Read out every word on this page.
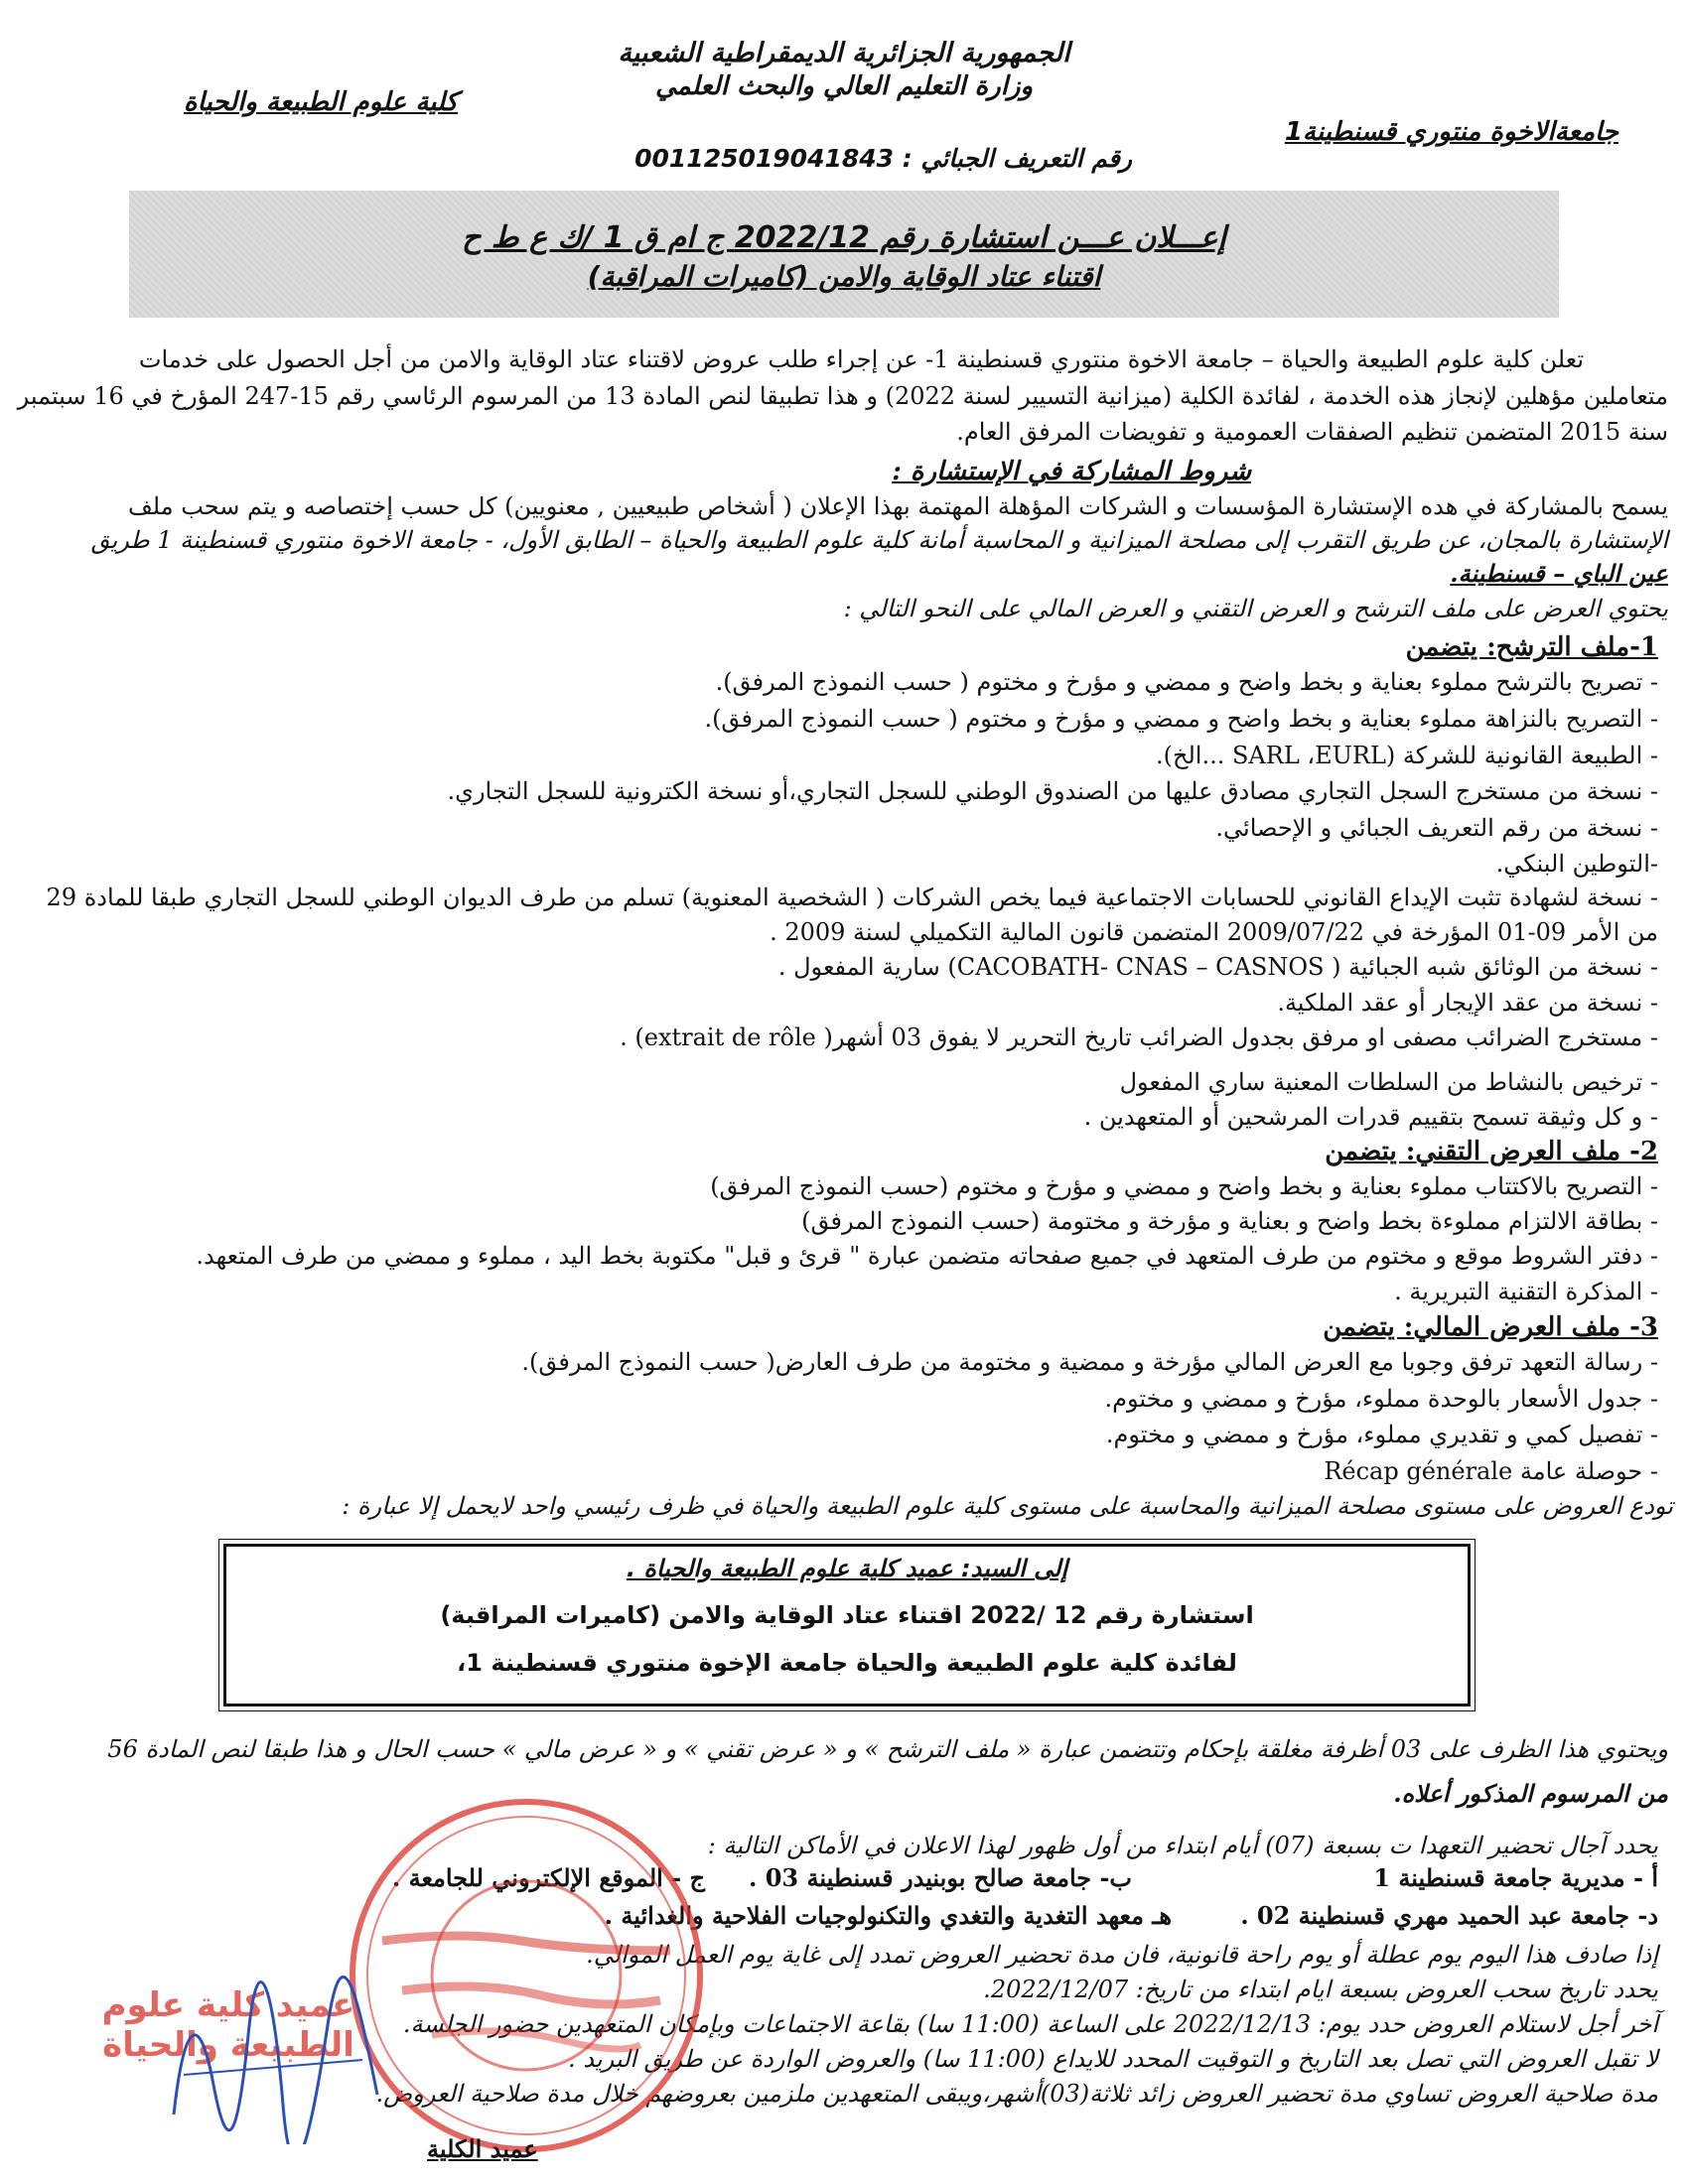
الجمهورية الجزائرية الديمقراطية الشعبية
وزارة التعليم العالي والبحث العلمي
جامعةالاخوة منتوري قسنطينة1
كلية علوم الطبيعة والحياة
رقم التعريف الجبائي : 001125019041843
إعـــلان عـــن استشارة رقم 2022/12 ج ام ق 1 /ك ع ط ح
اقتناء عتاد الوقاية والامن (كاميرات المراقبة)
تعلن كلية علوم الطبيعة والحياة – جامعة الاخوة منتوري قسنطينة 1- عن إجراء طلب عروض لاقتناء عتاد الوقاية والامن من أجل الحصول على خدمات
متعاملين مؤهلين لإنجاز هذه الخدمة ، لفائدة الكلية (ميزانية التسيير لسنة 2022) و هذا تطبيقا لنص المادة 13 من المرسوم الرئاسي رقم 15-247 المؤرخ في 16 سبتمبر
سنة 2015 المتضمن تنظيم الصفقات العمومية و تفويضات المرفق العام.
شروط المشاركة في الإستشارة :
يسمح بالمشاركة في هده الإستشارة المؤسسات و الشركات المؤهلة المهتمة بهذا الإعلان ( أشخاص طبيعيين , معنويين) كل حسب إختصاصه و يتم سحب ملف
الإستشارة بالمجان، عن طريق التقرب إلى مصلحة الميزانية و المحاسبة أمانة كلية علوم الطبيعة والحياة – الطابق الأول، - جامعة الاخوة منتوري قسنطينة 1 طريق
عين الباي – قسنطينة.
يحتوي العرض على ملف الترشح و العرض التقني و العرض المالي على النحو التالي :
1-ملف الترشح: يتضمن
- تصريح بالترشح مملوء بعناية و بخط واضح و ممضي و مؤرخ و مختوم ( حسب النموذج المرفق).
- التصريح بالنزاهة مملوء بعناية و بخط واضح و ممضي و مؤرخ و مختوم ( حسب النموذج المرفق).
- الطبيعة القانونية للشركة (SARL ،EURL ...الخ).
- نسخة من مستخرج السجل التجاري مصادق عليها من الصندوق الوطني للسجل التجاري،أو نسخة الكترونية للسجل التجاري.
- نسخة من رقم التعريف الجبائي و الإحصائي.
-التوطين البنكي.
- نسخة لشهادة تثبت الإيداع القانوني للحسابات الاجتماعية فيما يخص الشركات ( الشخصية المعنوية) تسلم من طرف الديوان الوطني للسجل التجاري طبقا للمادة 29
من الأمر 09-01 المؤرخة في 2009/07/22 المتضمن قانون المالية التكميلي لسنة 2009 .
- نسخة من الوثائق شبه الجبائية ( CACOBATH- CNAS – CASNOS) سارية المفعول .
- نسخة من عقد الإيجار أو عقد الملكية.
- مستخرج الضرائب مصفى او مرفق بجدول الضرائب تاريخ التحرير لا يفوق 03 أشهر( extrait de rôle) .
- ترخيص بالنشاط من السلطات المعنية ساري المفعول
- و كل وثيقة تسمح بتقييم قدرات المرشحين أو المتعهدين .
2- ملف العرض التقني: يتضمن
- التصريح بالاكتتاب مملوء بعناية و بخط واضح و ممضي و مؤرخ و مختوم (حسب النموذج المرفق)
- بطاقة الالتزام مملوءة بخط واضح و بعناية و مؤرخة و مختومة (حسب النموذج المرفق)
- دفتر الشروط موقع و مختوم من طرف المتعهد في جميع صفحاته متضمن عبارة " قرئ و قبل" مكتوبة بخط اليد ، مملوء و ممضي من طرف المتعهد.
- المذكرة التقنية التبريرية .
3- ملف العرض المالي: يتضمن
- رسالة التعهد ترفق وجوبا مع العرض المالي مؤرخة و ممضية و مختومة من طرف العارض( حسب النموذج المرفق).
- جدول الأسعار بالوحدة مملوء، مؤرخ و ممضي و مختوم.
- تفصيل كمي و تقديري مملوء، مؤرخ و ممضي و مختوم.
- حوصلة عامة Récap générale
تودع العروض على مستوى مصلحة الميزانية والمحاسبة على مستوى كلية علوم الطبيعة والحياة في ظرف رئيسي واحد لايحمل إلا عبارة :
إلى السيد: عميد كلية علوم الطبيعة والحياة .
استشارة رقم 12 /2022 اقتناء عتاد الوقاية والامن (كاميرات المراقبة)
لفائدة كلية علوم الطبيعة والحياة جامعة الإخوة منتوري قسنطينة 1،
ويحتوي هذا الظرف على 03 أظرفة مغلقة بإحكام وتتضمن عبارة « ملف الترشح » و « عرض تقني » و « عرض مالي » حسب الحال و هذا طبقا لنص المادة 56
من المرسوم المذكور أعلاه.
يحدد آجال تحضير التعهدا ت بسبعة (07) أيام ابتداء من أول ظهور لهذا الاعلان في الأماكن التالية :
أ - مديرية جامعة قسنطينة 1
ب- جامعة صالح بوبنيدر قسنطينة 03 .
ج - الموقع الإلكتروني للجامعة .
د- جامعة عبد الحميد مهري قسنطينة 02 .
هـ معهد التغدية والتغدي والتكنولوجيات الفلاحية والغدائية .
إذا صادف هذا اليوم يوم عطلة أو يوم راحة قانونية، فان مدة تحضير العروض تمدد إلى غاية يوم العمل الموالي.
يحدد تاريخ سحب العروض بسبعة ايام ابتداء من تاريخ: 2022/12/07.
آخر أجل لاستلام العروض حدد يوم: 2022/12/13 على الساعة (11:00 سا) بقاعة الاجتماعات وبإمكان المتعهدين حضور الجلسة.
لا تقبل العروض التي تصل بعد التاريخ و التوقيت المحدد للايداع (11:00 سا) والعروض الواردة عن طريق البريد .
مدة صلاحية العروض تساوي مدة تحضير العروض زائد ثلاثة(03)أشهر،ويبقى المتعهدين ملزمين بعروضهم خلال مدة صلاحية العروض.
عميد كلية علوم الطبيعة والحياة
عميد الكلية
